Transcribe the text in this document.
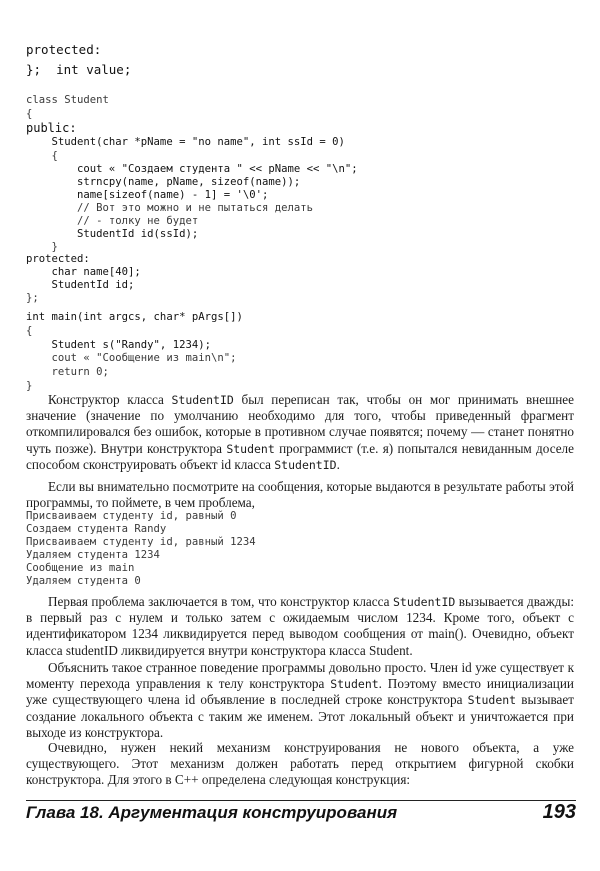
protected:
};  int value;
class Student
{
public:
Student(char *pName = "no name", int ssId = 0)
{
cout « "Создаем студента " << pName << "\n";
strncpy(name, pName, sizeof(name));
name[sizeof(name) - 1] = '\0';
// Вот это можно и не пытаться делать
// - толку не будет
StudentId id(ssId);
}
protected:
char name[40];
StudentId id;
};
int main(int argcs, char* pArgs[])
{
Student s("Randy", 1234);
cout « "Сообщение из main\n";
return 0;
}

Конструктор класса StudentID был переписан так, чтобы он мог принимать внешнее значение (значение по умолчанию необходимо для того, чтобы приведенный фрагмент откомпилировался без ошибок, которые в противном случае появятся; почему — станет понятно чуть позже). Внутри конструктора Student программист (т.е. я) попытался невиданным доселе способом сконструировать объект id класса StudentID.

Если вы внимательно посмотрите на сообщения, которые выдаются в результате работы этой программы, то поймете, в чем проблема,

Присваиваем студенту id, равный 0
Создаем студента Randy
Присваиваем студенту id, равный 1234
Удаляем студента 1234
Сообщение из main
Удаляем студента 0

Первая проблема заключается в том, что конструктор класса StudentID вызывается дважды: в первый раз с нулем и только затем с ожидаемым числом 1234. Кроме того, объект с идентификатором 1234 ликвидируется перед выводом сообщения от main(). Очевидно, объект класса studentID ликвидируется внутри конструктора класса Student.

Объяснить такое странное поведение программы довольно просто. Член id уже существует к моменту перехода управления к телу конструктора Student. Поэтому вместо инициализации уже существующего члена id объявление в последней строке конструктора Student вызывает создание локального объекта с таким же именем. Этот локальный объект и уничтожается при выходе из конструктора.

Очевидно, нужен некий механизм конструирования не нового объекта, а уже существующего. Этот механизм должен работать перед открытием фигурной скобки конструктора. Для этого в C++ определена следующая конструкция:

Глава 18. Аргументация конструирования	193
